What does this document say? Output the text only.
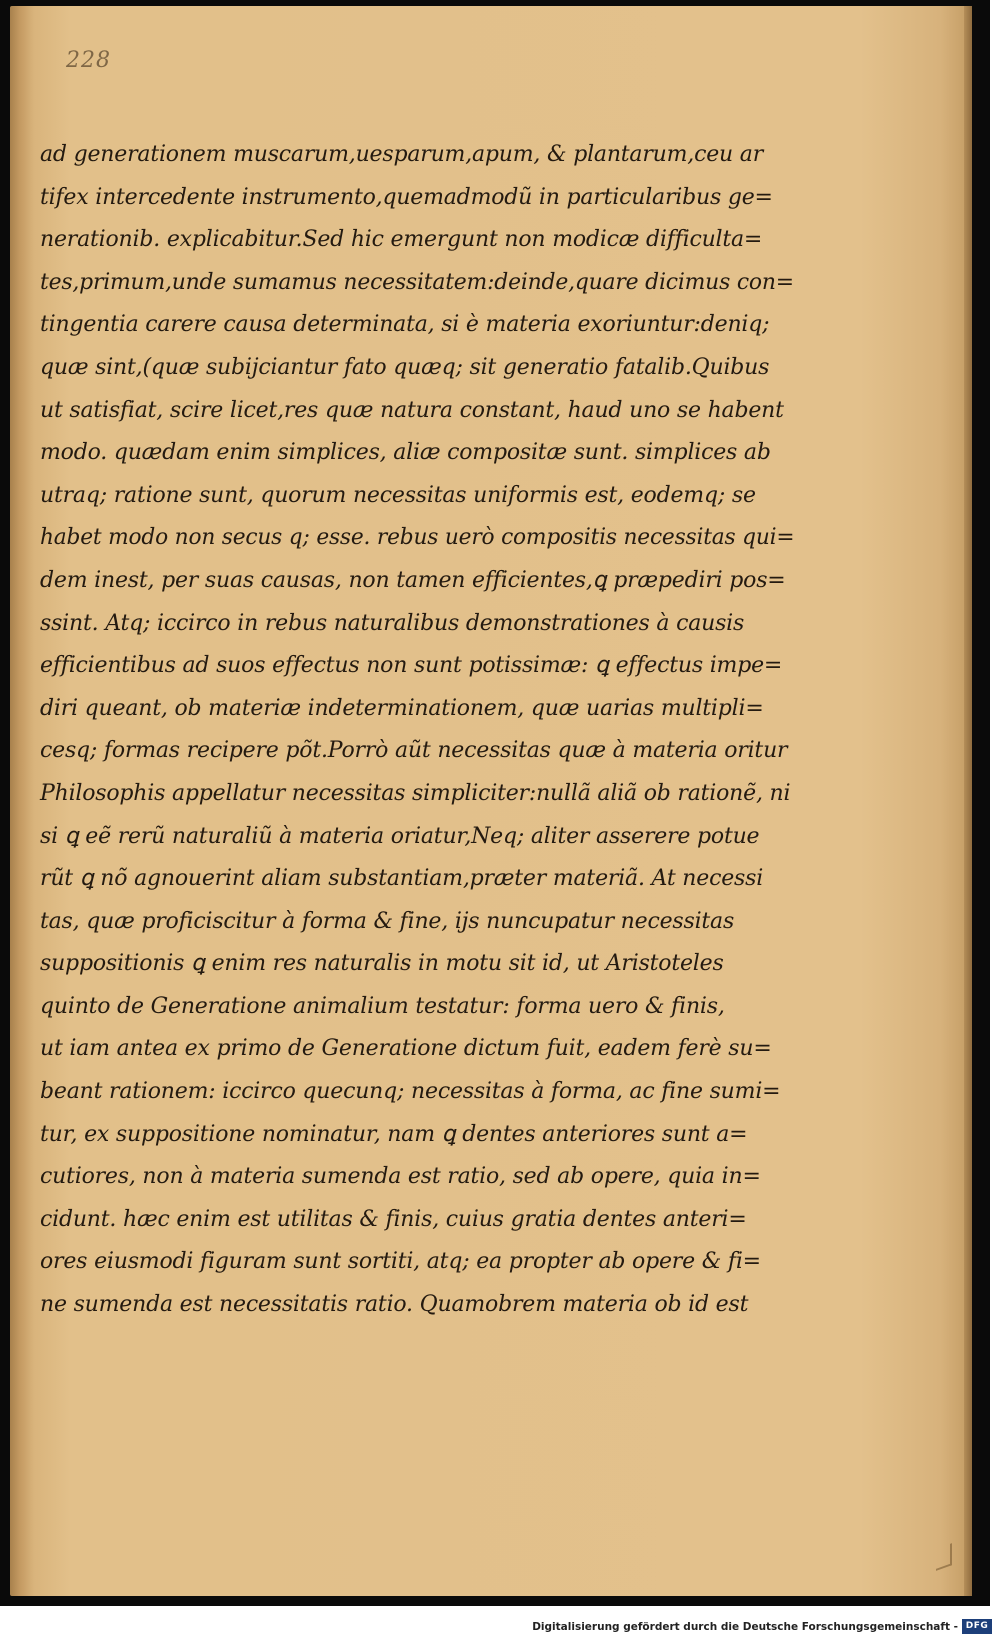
228
ad generationem muscarum,uesparum,apum, & plantarum,ceu ar
tifex intercedente instrumento,quemadmodũ in particularibus ge=
nerationib. explicabitur.Sed hic emergunt non modicæ difficulta=
tes,primum,unde sumamus necessitatem:deinde,quare dicimus con=
tingentia carere causa determinata, si è materia exoriuntur:deniq;
quæ sint,(quæ subijciantur fato quæq; sit generatio fatalib.Quibus
ut satisfiat, scire licet,res quæ natura constant, haud uno se habent
modo. quædam enim simplices, aliæ compositæ sunt. simplices ab
utraq; ratione sunt, quorum necessitas uniformis est, eodemq; se
habet modo non secus q; esse. rebus uerò compositis necessitas qui=
dem inest, per suas causas, non tamen efficientes,ꝗ præpediri pos=
ssint. Atq; iccirco in rebus naturalibus demonstrationes à causis
efficientibus ad suos effectus non sunt potissimæ: ꝗ effectus impe=
diri queant, ob materiæ indeterminationem, quæ uarias multipli=
cesq; formas recipere põt.Porrò aũt necessitas quæ à materia oritur
Philosophis appellatur necessitas simpliciter:nullã aliã ob rationẽ, ni
si ꝗ eẽ rerũ naturaliũ à materia oriatur,Neq; aliter asserere potue
rũt ꝗ nõ agnouerint aliam substantiam,præter materiã. At necessi
tas, quæ proficiscitur à forma & fine, ijs nuncupatur necessitas
suppositionis ꝗ enim res naturalis in motu sit id, ut Aristoteles
quinto de Generatione animalium testatur: forma uero & finis,
ut iam antea ex primo de Generatione dictum fuit, eadem ferè su=
beant rationem: iccirco quecunq; necessitas à forma, ac fine sumi=
tur, ex suppositione nominatur, nam ꝗ dentes anteriores sunt a=
cutiores, non à materia sumenda est ratio, sed ab opere, quia in=
cidunt. hæc enim est utilitas & finis, cuius gratia dentes anteri=
ores eiusmodi figuram sunt sortiti, atq; ea propter ab opere & fi=
ne sumenda est necessitatis ratio. Quamobrem materia ob id est
Digitalisierung gefördert durch die Deutsche Forschungsgemeinschaft - DFG
